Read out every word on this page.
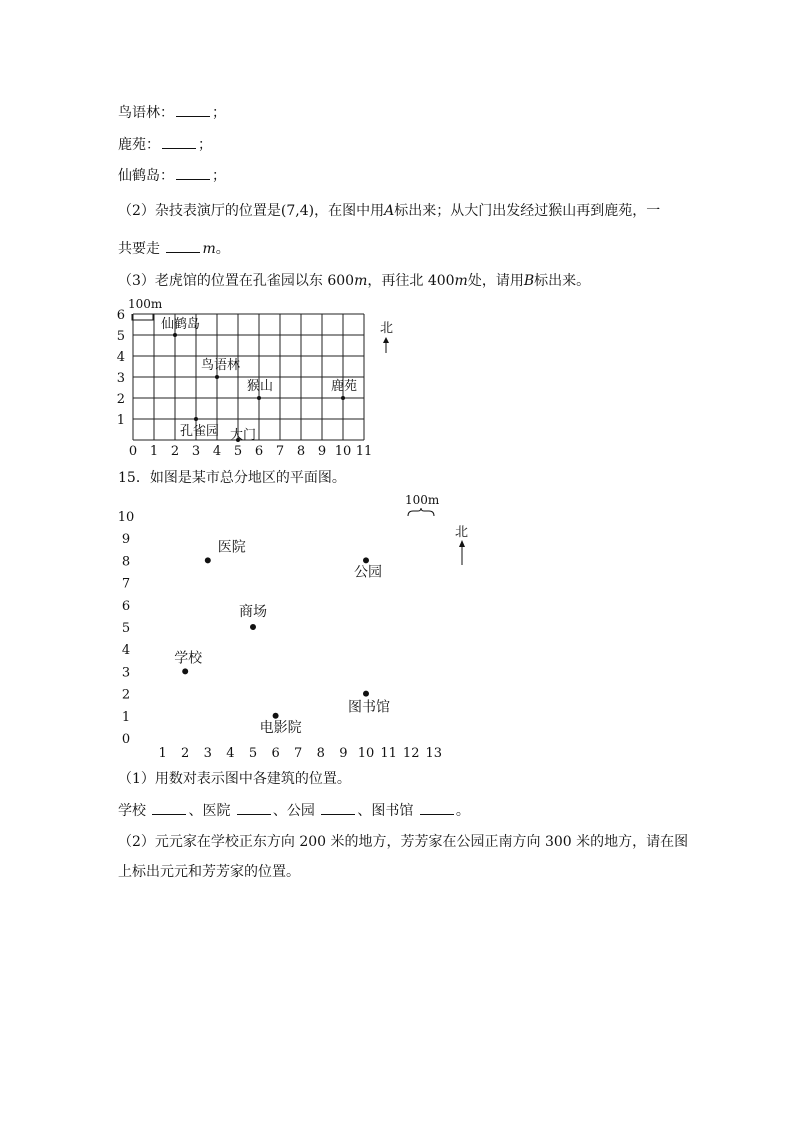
鸟语林：	；
鹿苑：	；
仙鹤岛：	；
（2）杂技表演厅的位置是(7,4)，在图中用A标出来；从大门出发经过猴山再到鹿苑，一
共要走	m。
（3）老虎馆的位置在孔雀园以东 600m，再往北 400m处，请用B标出来。
0 1 2 3 4 5 6 7 8 9 10 11
1
2
3
4
5
6
仙鹤岛
鸟语林
猴山	鹿苑
孔雀园 大门
100m
北
15．如图是某市总分地区的平面图。
1 2 3 4 5 6 7 8 9 10 11 12 13
0
1
2
3
4
5
6
7
8
9
10
医院
公园
商场
学校
图书馆
电影院
100m
北
（1）用数对表示图中各建筑的位置。
学校	、医院	、公园	、图书馆	。
（2）元元家在学校正东方向 200 米的地方，芳芳家在公园正南方向 300 米的地方，请在图
上标出元元和芳芳家的位置。
